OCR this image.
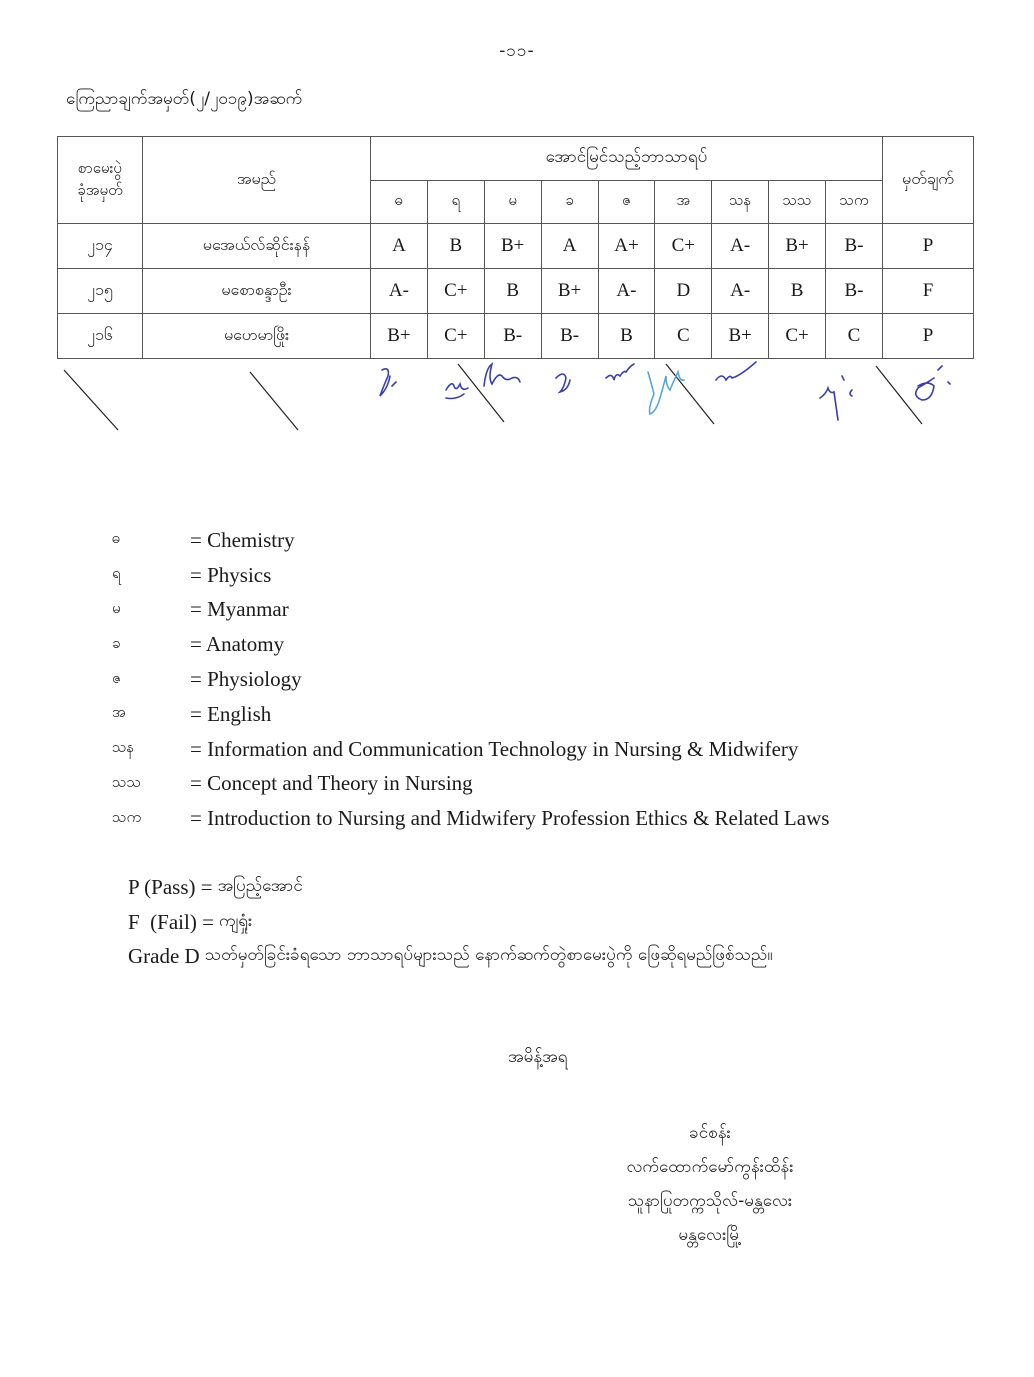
-၁၁-
ကြေညာချက်အမှတ်(၂/၂၀၁၉)အဆက်
စာမေးပွဲ
ခုံအမှတ်	အမည်	အောင်မြင်သည့်ဘာသာရပ်									မှတ်ချက်
		ဓ	ရ	မ	ခ	ဇ	အ	သန	သသ	သက	
၂၁၄	မအေယ်လ်ဆိုင်းနန်	A	B	B+	A	A+	C+	A-	B+	B-	P
၂၁၅	မစောစန္ဒာဦး	A-	C+	B	B+	A-	D	A-	B	B-	F
၂၁၆	မဟေမာဖြိုး	B+	C+	B-	B-	B	C	B+	C+	C	P
ဓ	= Chemistry
ရ	= Physics
မ	= Myanmar
ခ	= Anatomy
ဇ	= Physiology
အ	= English
သန	= Information and Communication Technology in Nursing & Midwifery
သသ	= Concept and Theory in Nursing
သက	= Introduction to Nursing and Midwifery Profession Ethics & Related Laws
P (Pass) = အပြည့်အောင်
F  (Fail) = ကျရှုံး
Grade D သတ်မှတ်ခြင်းခံရသော ဘာသာရပ်များသည် နောက်ဆက်တွဲစာမေးပွဲကို ဖြေဆိုရမည်ဖြစ်သည်။
အမိန့်အရ
ခင်စန်း
လက်ထောက်မော်ကွန်းထိန်း
သူနာပြုတက္ကသိုလ်-မန္တလေး
မန္တလေးမြို့
